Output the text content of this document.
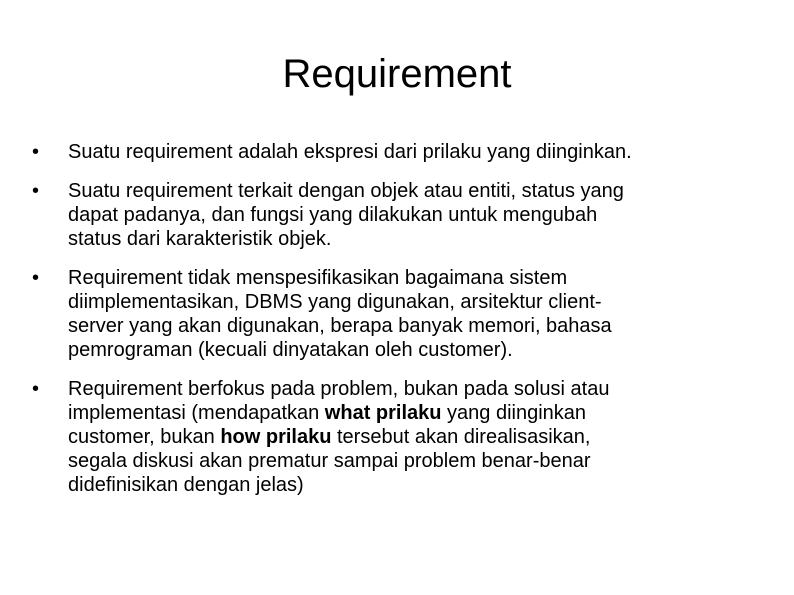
Requirement
•	Suatu requirement adalah ekspresi dari prilaku yang diinginkan.
•	Suatu requirement terkait dengan objek atau entiti, status yang
dapat padanya, dan fungsi yang dilakukan untuk mengubah
status dari karakteristik objek.
•	Requirement tidak menspesifikasikan bagaimana sistem
diimplementasikan, DBMS yang digunakan, arsitektur client-
server yang akan digunakan, berapa banyak memori, bahasa
pemrograman (kecuali dinyatakan oleh customer).
•	Requirement berfokus pada problem, bukan pada solusi atau
implementasi (mendapatkan what prilaku yang diinginkan
customer, bukan how prilaku tersebut akan direalisasikan,
segala diskusi akan prematur sampai problem benar-benar
didefinisikan dengan jelas)
